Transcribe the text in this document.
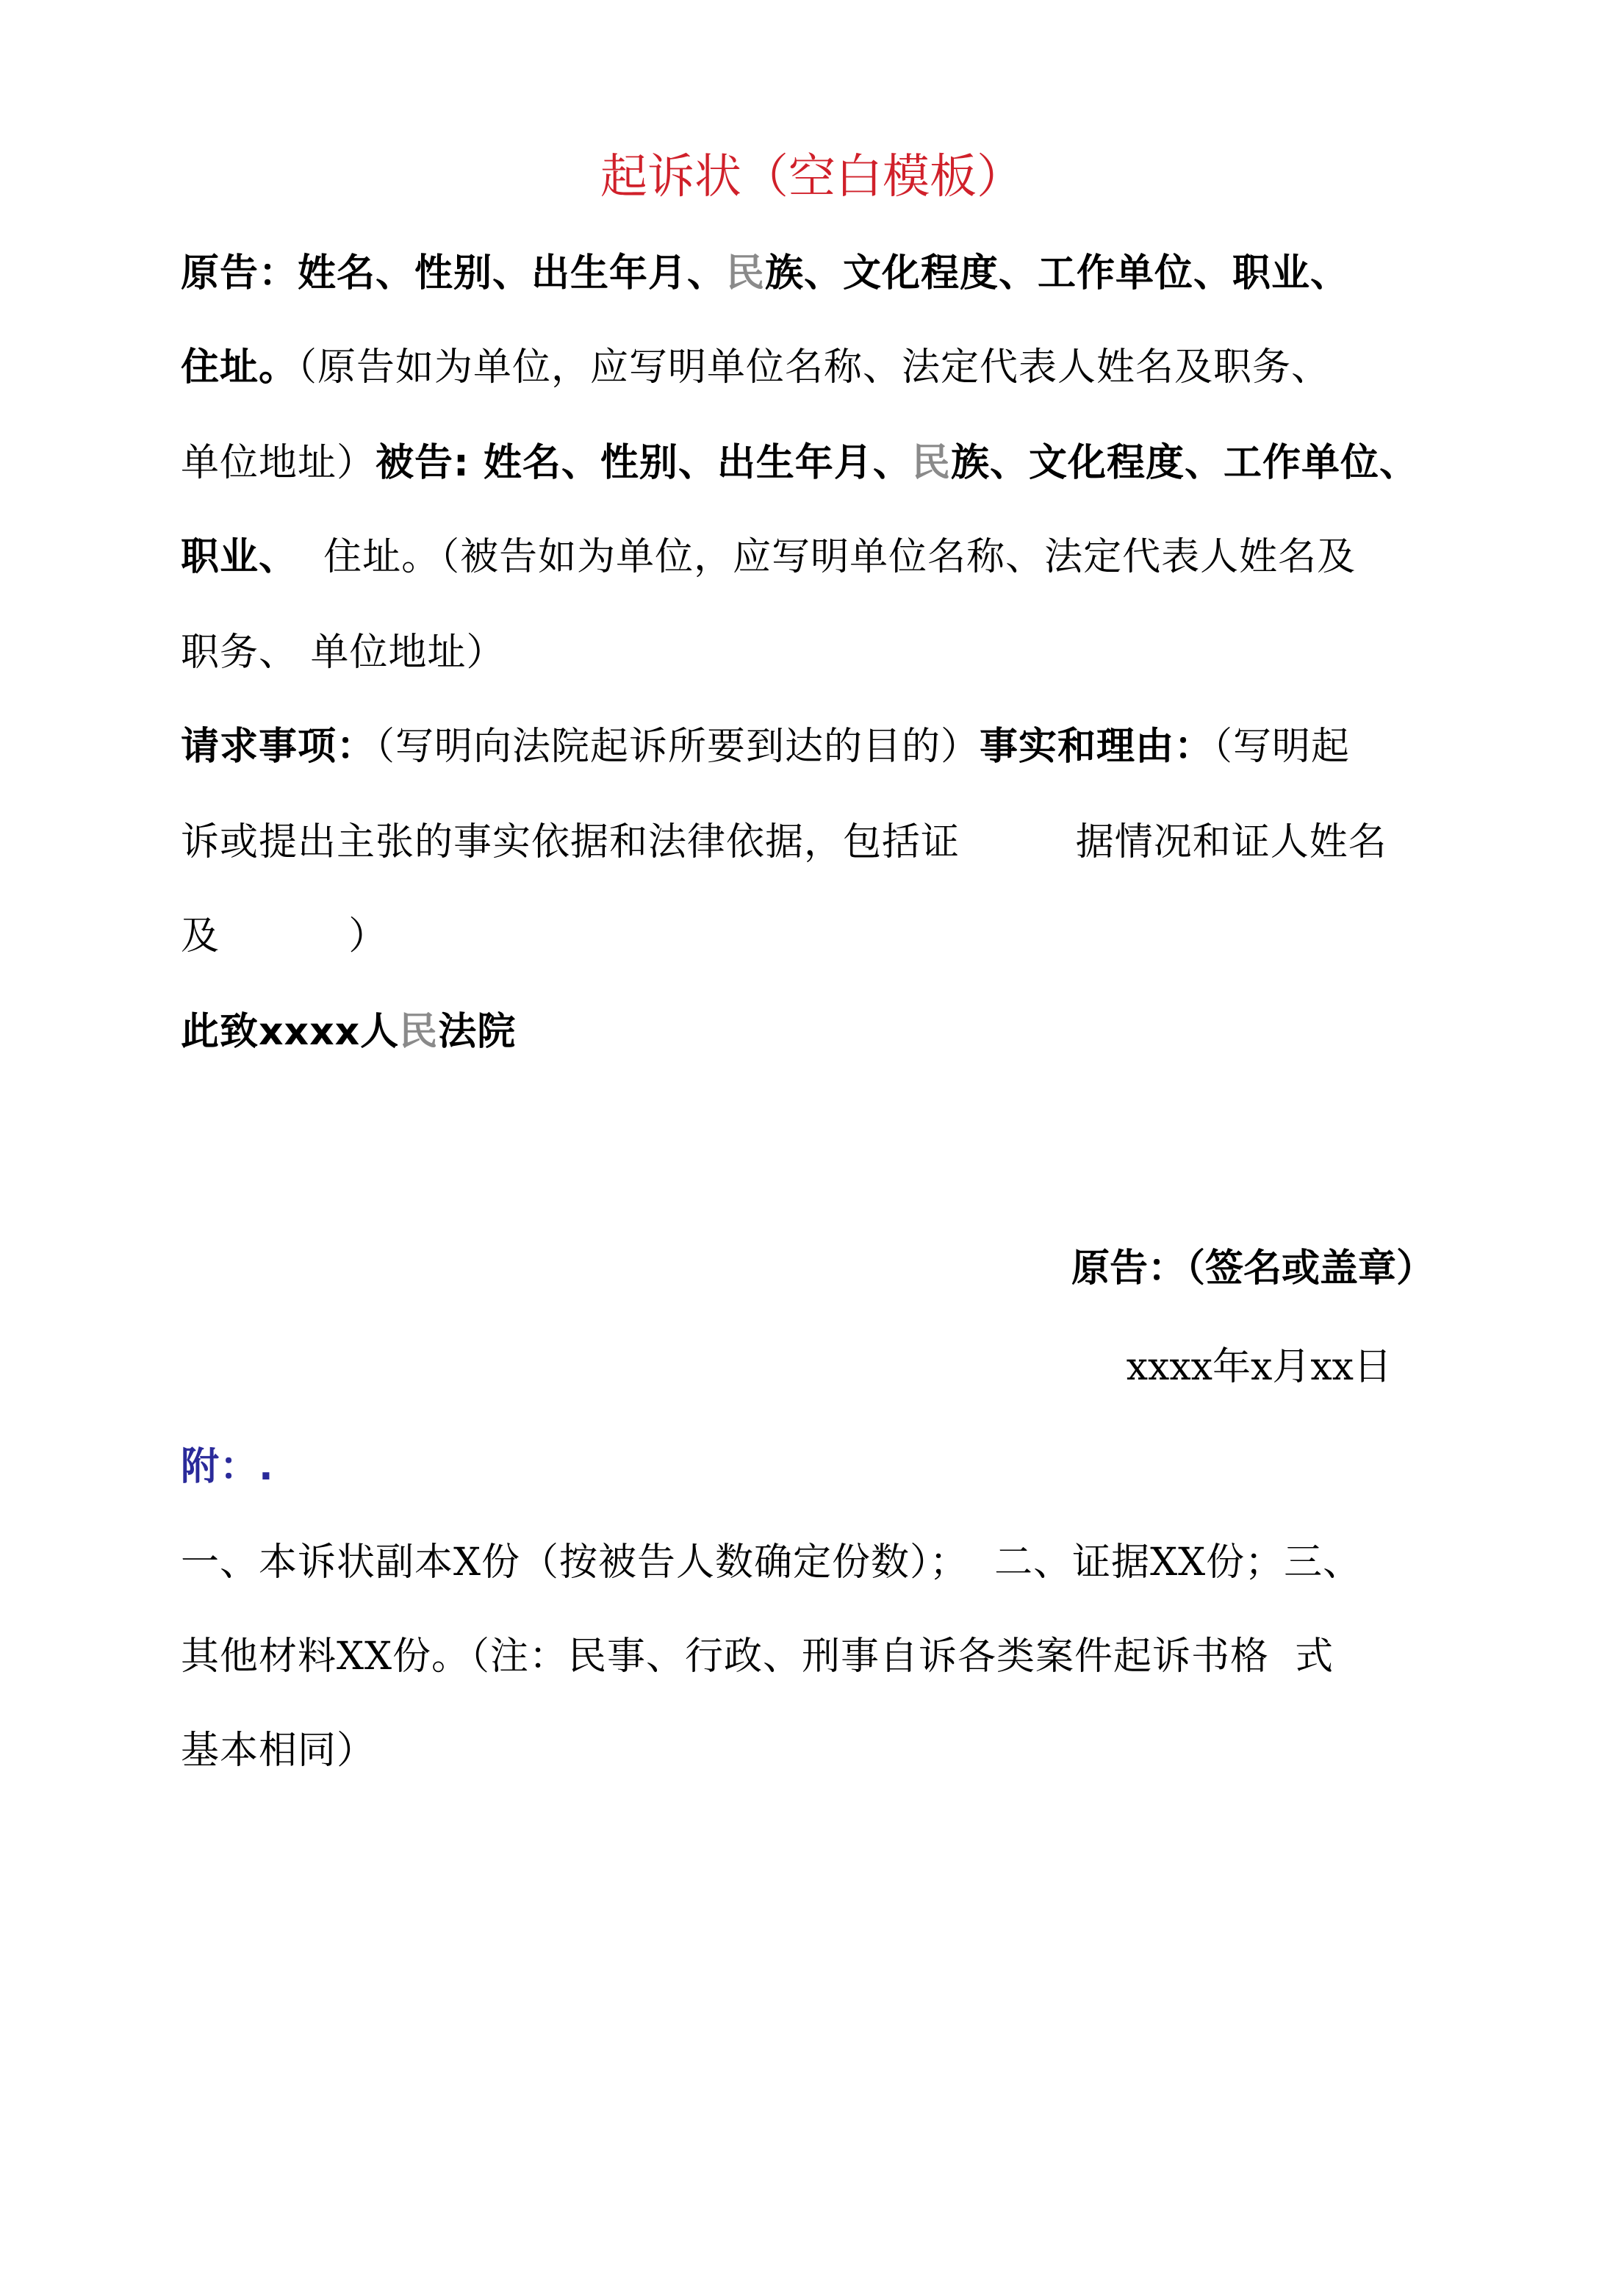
起诉状（空白模板）
原告：姓名、性别、出生年月、民族、文化程度、工作单位、职业、
住址。（原告如为单位，应写明单位名称、法定代表人姓名及职务、
单位地址）被告: 姓名、性别、出生年月、民族、文化程度、工作单位、
职业、  住址。（被告如为单位，应写明单位名称、法定代表人姓名及
职务、 单位地址）
请求事项：（写明向法院起诉所要到达的目的）事实和理由：（写明起
诉或提出主张的事实依据和法律依据，包括证         据情况和证人姓名
及          ）
此致xxxx人民法院
原告：（签名或盖章）
xxxx年x月xx日
附：.
一、本诉状副本X份（按被告人数确定份数）；  二、证据XX份；三、
其他材料XX份。（注：民事、行政、刑事自诉各类案件起诉书格  式
基本相同）
